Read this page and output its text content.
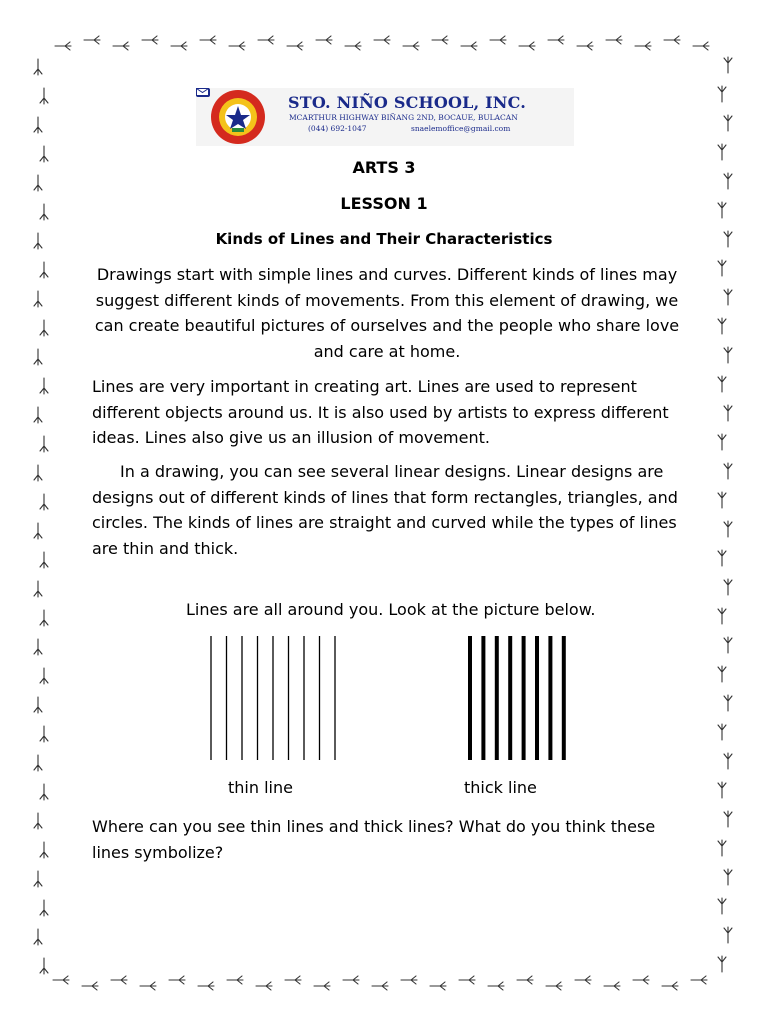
STO. NIÑO SCHOOL, INC.
MCARTHUR HIGHWAY BIÑANG 2ND, BOCAUE, BULACAN
(044) 692-1047	snaelemoffice@gmail.com
ARTS 3
LESSON 1
Kinds of Lines and Their Characteristics
Drawings start with simple lines and curves. Different kinds of lines may suggest different kinds of movements. From this element of drawing, we can create beautiful pictures of ourselves and the people who share love and care at home.
Lines are very important in creating art. Lines are used to represent different objects around us. It is also used by artists to express different ideas. Lines also give us an illusion of movement.
In a drawing, you can see several linear designs. Linear designs are designs out of different kinds of lines that form rectangles, triangles, and circles. The kinds of lines are straight and curved while the types of lines are thin and thick.
Lines are all around you. Look at the picture below.
thin line	thick line
Where can you see thin lines and thick lines? What do you think these lines symbolize?
